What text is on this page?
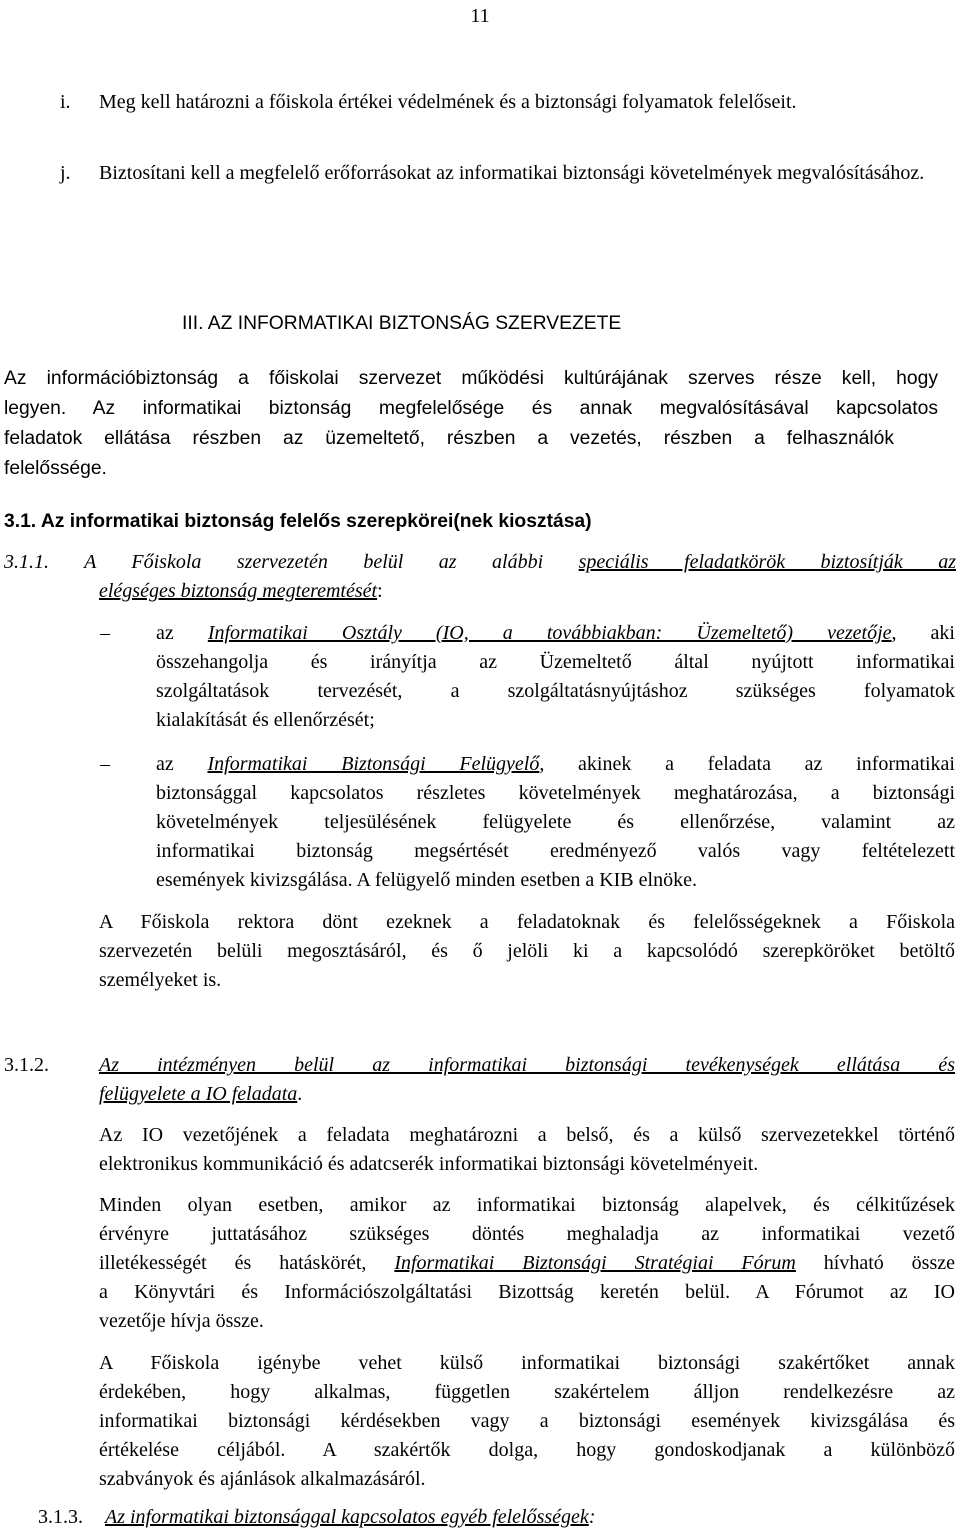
11
i. Meg kell határozni a főiskola értékei védelmének és a biztonsági folyamatok felelőseit.
j. Biztosítani kell a megfelelő erőforrásokat az informatikai biztonsági követelmények megvalósításához.
III. AZ INFORMATIKAI BIZTONSÁG SZERVEZETE
Az információbiztonság a főiskolai szervezet működési kultúrájának szerves része kell, hogy
legyen. Az informatikai biztonság megfelelősége és annak megvalósításával kapcsolatos
feladatok ellátása részben az üzemeltető, részben a vezetés, részben a felhasználók
felelőssége.
3.1. Az informatikai biztonság felelős szerepkörei(nek kiosztása)
3.1.1. A Főiskola szervezetén belül az alábbi speciális feladatkörök biztosítják az
elégséges biztonság megteremtését:
– az Informatikai Osztály (IO, a továbbiakban: Üzemeltető) vezetője, aki
összehangolja és irányítja az Üzemeltető által nyújtott informatikai
szolgáltatások tervezését, a szolgáltatásnyújtáshoz szükséges folyamatok
kialakítását és ellenőrzését;
– az Informatikai Biztonsági Felügyelő, akinek a feladata az informatikai
biztonsággal kapcsolatos részletes követelmények meghatározása, a biztonsági
követelmények teljesülésének felügyelete és ellenőrzése, valamint az
informatikai biztonság megsértését eredményező valós vagy feltételezett
események kivizsgálása. A felügyelő minden esetben a KIB elnöke.
A Főiskola rektora dönt ezeknek a feladatoknak és felelősségeknek a Főiskola
szervezetén belüli megosztásáról, és ő jelöli ki a kapcsolódó szerepköröket betöltő
személyeket is.
3.1.2.	Az intézményen belül az informatikai biztonsági tevékenységek ellátása és
felügyelete a IO feladata.
Az IO vezetőjének a feladata meghatározni a belső, és a külső szervezetekkel történő
elektronikus kommunikáció és adatcserék informatikai biztonsági követelményeit.
Minden olyan esetben, amikor az informatikai biztonság alapelvek, és célkitűzések
érvényre juttatásához szükséges döntés meghaladja az informatikai vezető
illetékességét és hatáskörét, Informatikai Biztonsági Stratégiai Fórum hívható össze
a Könyvtári és Információszolgáltatási Bizottság keretén belül. A Fórumot az IO
vezetője hívja össze.
A Főiskola igénybe vehet külső informatikai biztonsági szakértőket annak
érdekében, hogy alkalmas, független szakértelem álljon rendelkezésre az
informatikai biztonsági kérdésekben vagy a biztonsági események kivizsgálása és
értékelése céljából. A szakértők dolga, hogy gondoskodjanak a különböző
szabványok és ajánlások alkalmazásáról.
3.1.3. Az informatikai biztonsággal kapcsolatos egyéb felelősségek:
